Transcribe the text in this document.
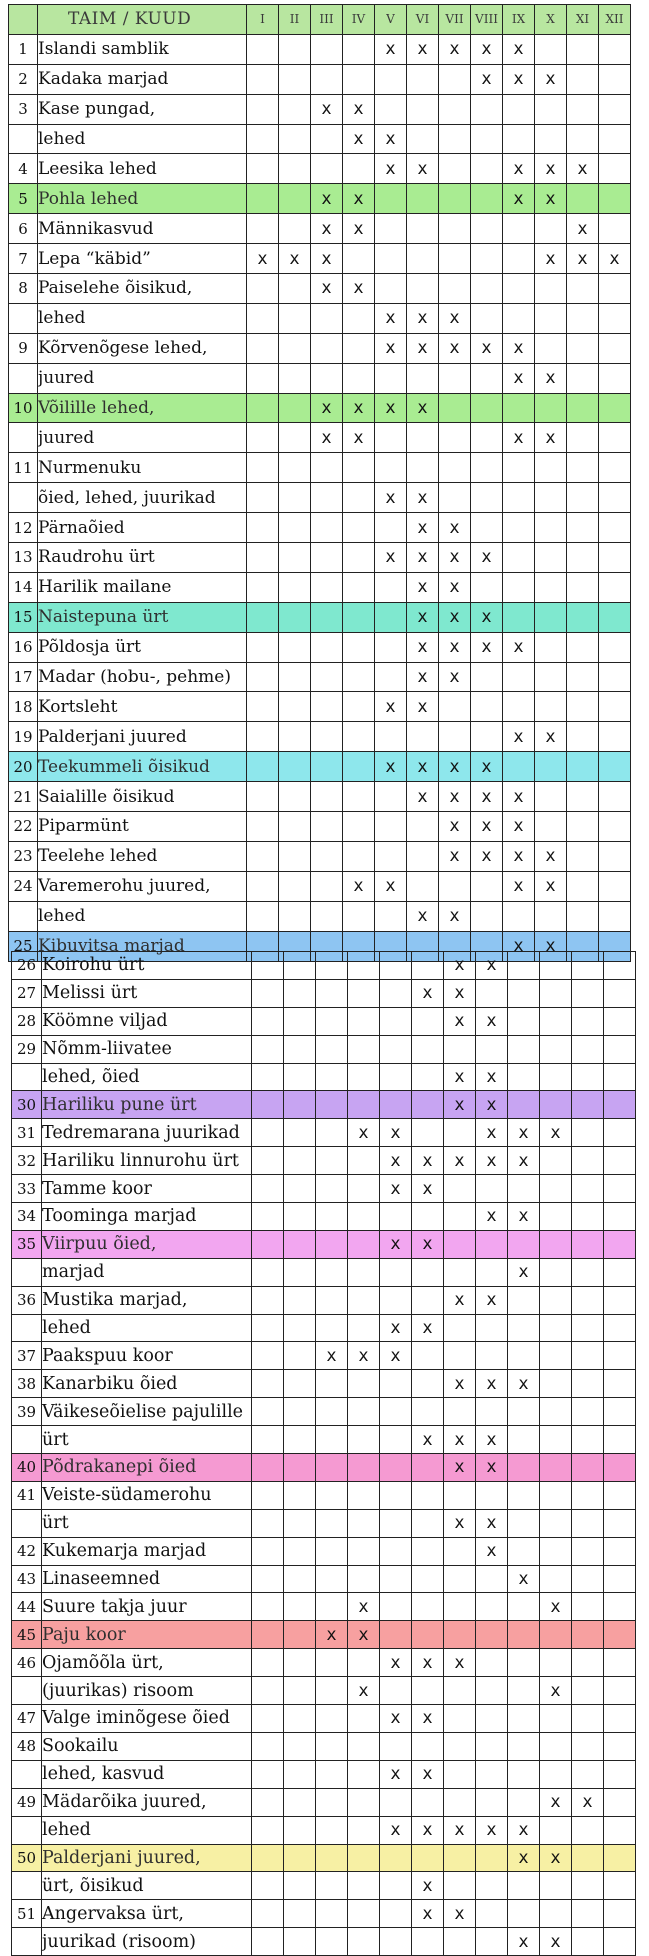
	TAIM / KUUD	I	II	III	IV	V	VI	VII	VIII	IX	X	XI	XII
1	Islandi samblik					x	x	x	x	x			
2	Kadaka marjad								x	x	x		
3	Kase pungad,			x	x								
	lehed				x	x							
4	Leesika lehed					x	x			x	x	x	
5	Pohla lehed			x	x					x	x		
6	Männikasvud			x	x							x	
7	Lepa “käbid”	x	x	x							x	x	x
8	Paiselehe õisikud,			x	x								
	lehed					x	x	x					
9	Kõrvenõgese lehed,					x	x	x	x	x			
	juured									x	x		
10	Võilille lehed,			x	x	x	x						
	juured			x	x					x	x		
11	Nurmenuku												
	õied, lehed, juurikad					x	x						
12	Pärnaõied						x	x					
13	Raudrohu ürt					x	x	x	x				
14	Harilik mailane						x	x					
15	Naistepuna ürt						x	x	x				
16	Põldosja ürt						x	x	x	x			
17	Madar (hobu-, pehme)						x	x					
18	Kortsleht					x	x						
19	Palderjani juured									x	x		
20	Teekummeli õisikud					x	x	x	x				
21	Saialille õisikud						x	x	x	x			
22	Piparmünt							x	x	x			
23	Teelehe lehed							x	x	x	x		
24	Varemerohu juured,				x	x				x	x		
	lehed						x	x					
25	Kibuvitsa marjad									x	x		
26	Koirohu ürt							x	x				
27	Melissi ürt						x	x					
28	Köömne viljad							x	x				
29	Nõmm-liivatee												
	lehed, õied							x	x				
30	Hariliku pune ürt							x	x				
31	Tedremarana juurikad				x	x			x	x	x		
32	Hariliku linnurohu ürt					x	x	x	x	x			
33	Tamme koor					x	x						
34	Toominga marjad								x	x			
35	Viirpuu õied,					x	x						
	marjad									x			
36	Mustika marjad,							x	x				
	lehed					x	x						
37	Paakspuu koor			x	x	x							
38	Kanarbiku õied							x	x	x			
39	Väikeseõielise pajulille												
	ürt						x	x	x				
40	Põdrakanepi õied							x	x				
41	Veiste-südamerohu												
	ürt							x	x				
42	Kukemarja marjad								x				
43	Linaseemned									x			
44	Suure takja juur				x						x		
45	Paju koor			x	x								
46	Ojamõõla ürt,					x	x	x					
	(juurikas) risoom				x						x		
47	Valge iminõgese õied					x	x						
48	Sookailu												
	lehed, kasvud					x	x						
49	Mädarõika juured,										x	x	
	lehed					x	x	x	x	x			
50	Palderjani juured,									x	x		
	ürt, õisikud						x						
51	Angervaksa ürt,						x	x					
	juurikad (risoom)									x	x		
